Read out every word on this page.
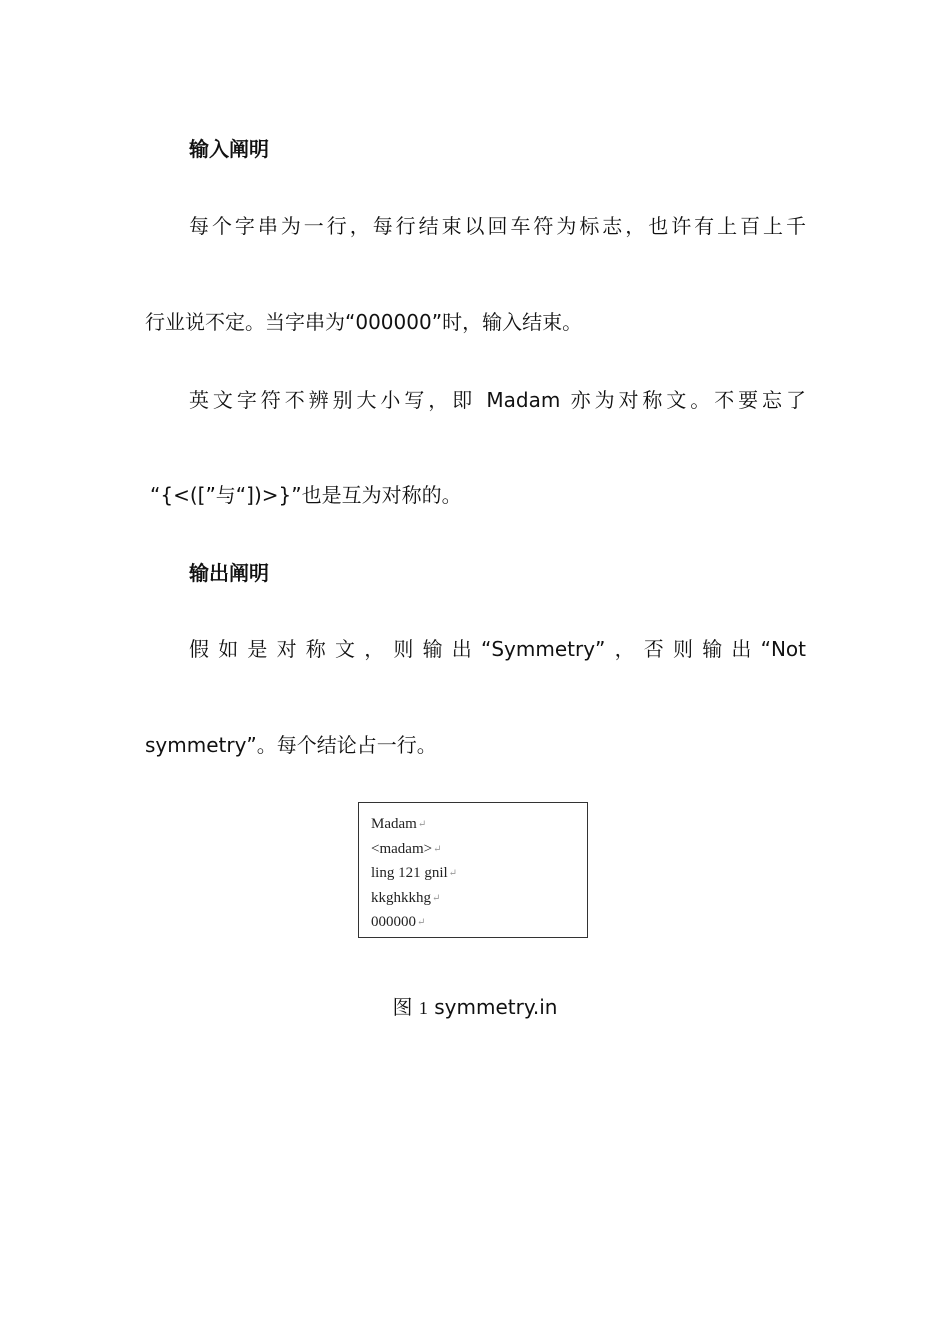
输入阐明
每个字串为一行，每行结束以回车符为标志，也许有上百上千
行业说不定。当字串为“000000”时，输入结束。
英文字符不辨别大小写，即 Madam 亦为对称文。不要忘了
“{<([”与“])>}”也是互为对称的。
输出阐明
假如是对称文，则输出“Symmetry”，否则输出“Not
symmetry”。每个结论占一行。
Madam↵
<madam>↵
ling 121 gnil↵
kkghkkhg↵
000000↵
图 1 symmetry.in
